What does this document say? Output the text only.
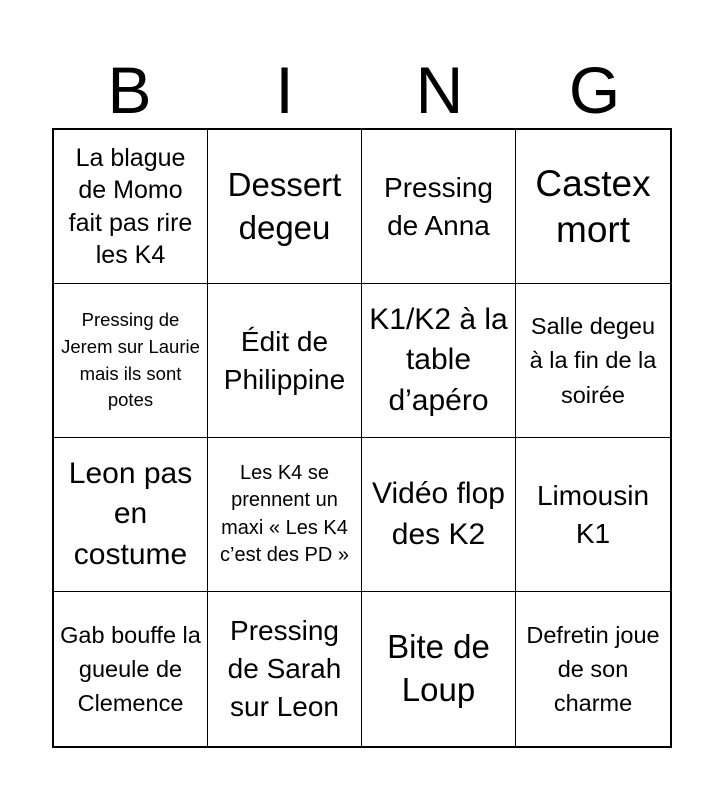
B	I	N	G
La blague de Momo fait pas rire les K4
Dessert degeu
Pressing de Anna
Castex mort
Pressing de Jerem sur Laurie mais ils sont potes
Édit de Philippine
K1/K2 à la table d’apéro
Salle degeu à la fin de la soirée
Leon pas en costume
Les K4 se prennent un maxi « Les K4 c’est des PD »
Vidéo flop des K2
Limousin K1
Gab bouffe la gueule de Clemence
Pressing de Sarah sur Leon
Bite de Loup
Defretin joue de son charme
